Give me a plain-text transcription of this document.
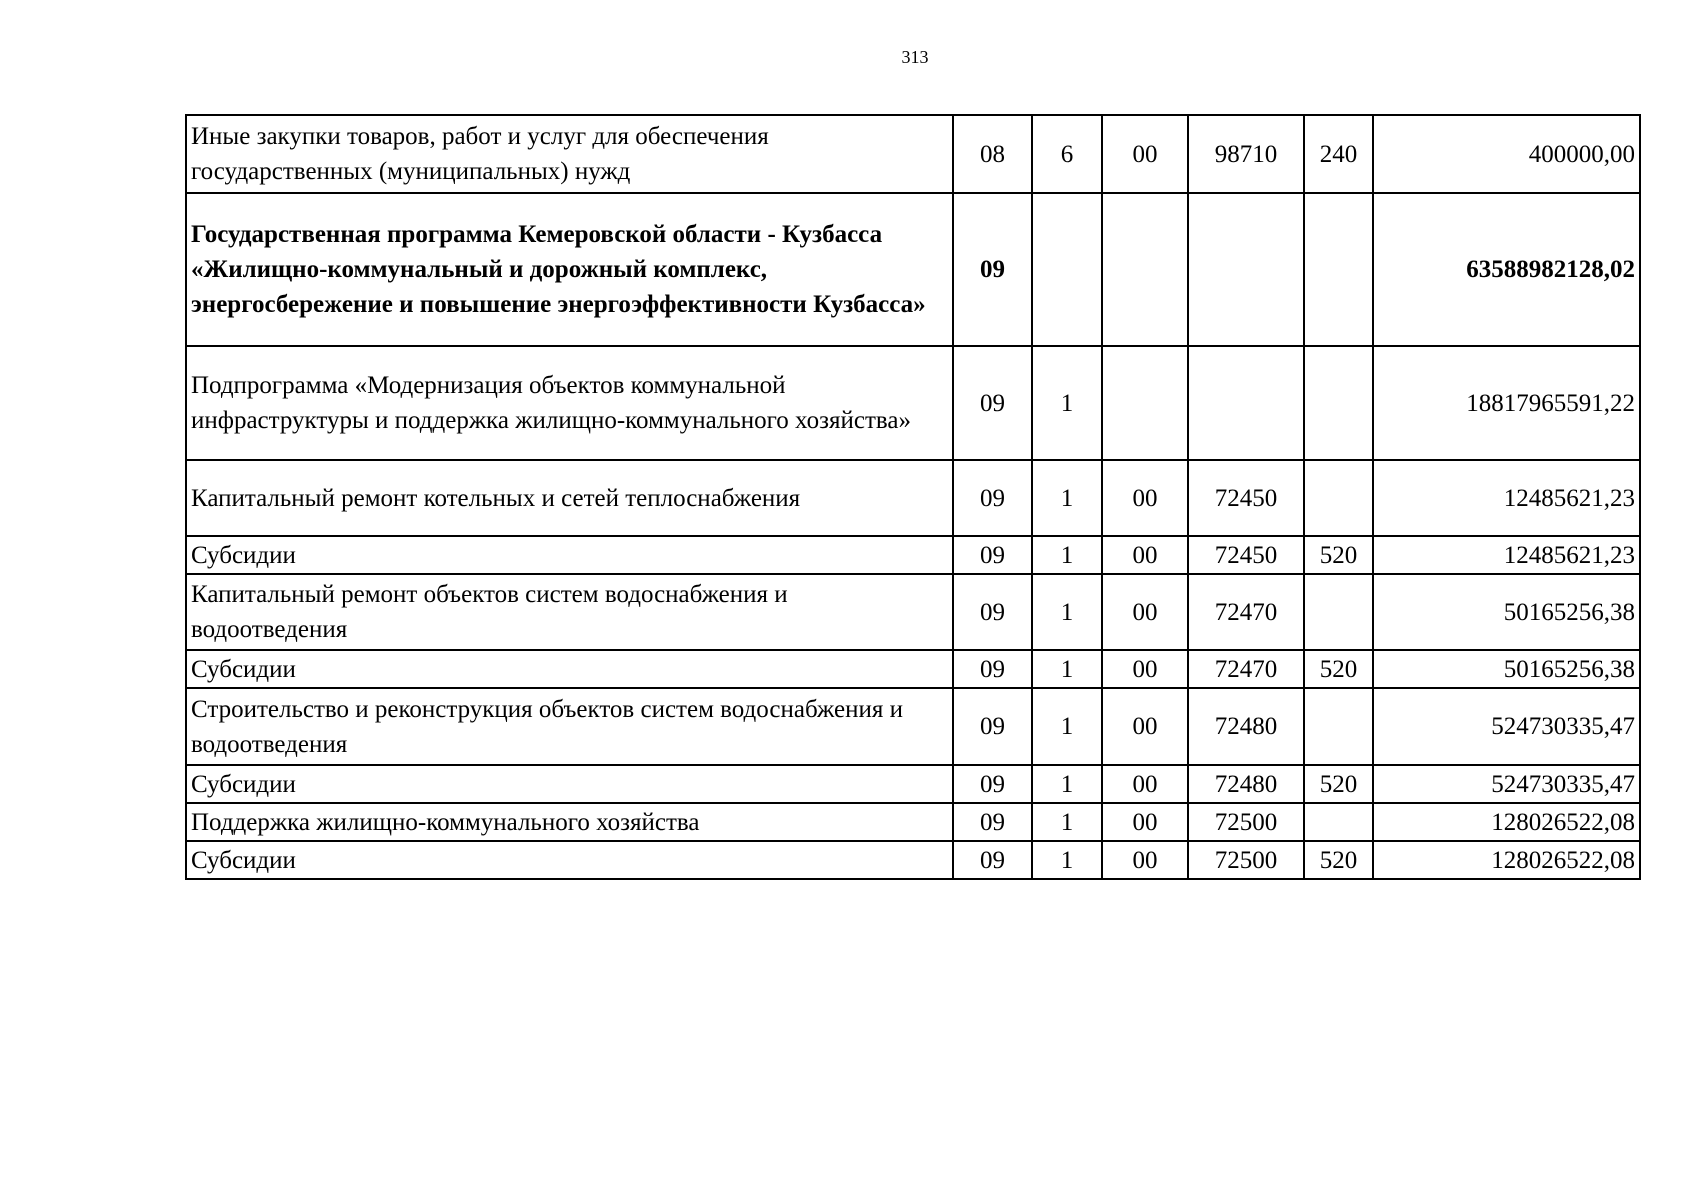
313
Иные закупки товаров, работ и услуг для обеспечения государственных (муниципальных) нужд	08	6	00	98710	240	400000,00
Государственная программа Кемеровской области - Кузбасса «Жилищно-коммунальный и дорожный комплекс, энергосбережение и повышение энергоэффективности Кузбасса»	09					63588982128,02
Подпрограмма «Модернизация объектов коммунальной инфраструктуры и поддержка жилищно-коммунального хозяйства»	09	1				18817965591,22
Капитальный ремонт котельных и сетей теплоснабжения	09	1	00	72450		12485621,23
Субсидии	09	1	00	72450	520	12485621,23
Капитальный ремонт объектов систем водоснабжения и водоотведения	09	1	00	72470		50165256,38
Субсидии	09	1	00	72470	520	50165256,38
Строительство и реконструкция объектов систем водоснабжения и водоотведения	09	1	00	72480		524730335,47
Субсидии	09	1	00	72480	520	524730335,47
Поддержка жилищно-коммунального хозяйства	09	1	00	72500		128026522,08
Субсидии	09	1	00	72500	520	128026522,08
